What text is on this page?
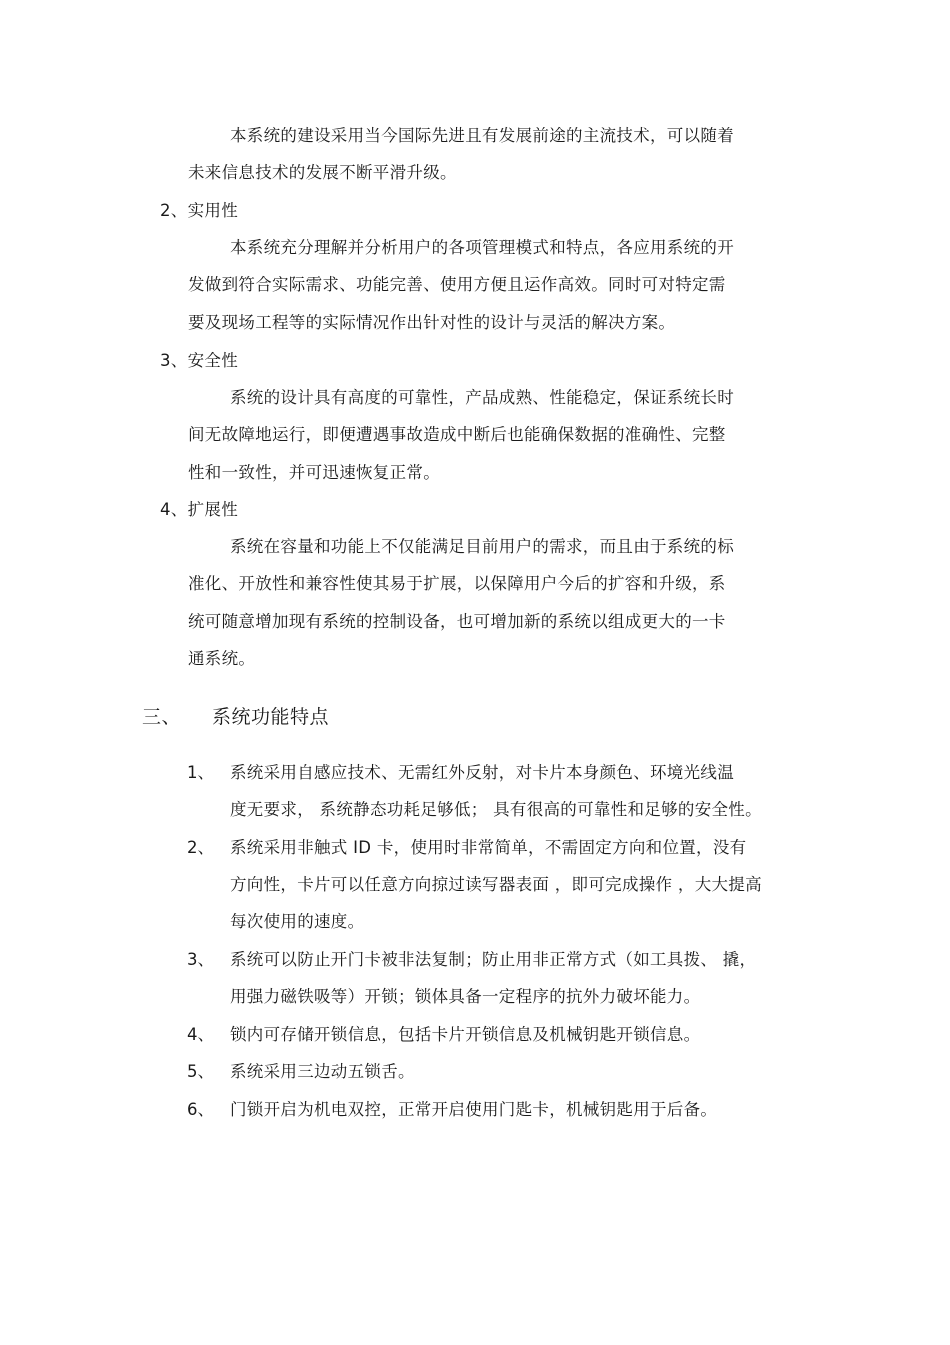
本系统的建设采用当今国际先进且有发展前途的主流技术，可以随着
未来信息技术的发展不断平滑升级。
2、实用性
本系统充分理解并分析用户的各项管理模式和特点，各应用系统的开
发做到符合实际需求、功能完善、使用方便且运作高效。同时可对特定需
要及现场工程等的实际情况作出针对性的设计与灵活的解决方案。
3、安全性
系统的设计具有高度的可靠性，产品成熟、性能稳定，保证系统长时
间无故障地运行，即便遭遇事故造成中断后也能确保数据的准确性、完整
性和一致性，并可迅速恢复正常。
4、扩展性
系统在容量和功能上不仅能满足目前用户的需求，而且由于系统的标
准化、开放性和兼容性使其易于扩展，以保障用户今后的扩容和升级，系
统可随意增加现有系统的控制设备，也可增加新的系统以组成更大的一卡
通系统。
三、 系统功能特点
1、 系统采用自感应技术、无需红外反射，对卡片本身颜色、环境光线温
度无要求， 系统静态功耗足够低； 具有很高的可靠性和足够的安全性。
2、 系统采用非触式 ID 卡，使用时非常简单，不需固定方向和位置，没有
方向性，卡片可以任意方向掠过读写器表面 ，即可完成操作 ，大大提高
每次使用的速度。
3、 系统可以防止开门卡被非法复制；防止用非正常方式（如工具拨、 撬，
用强力磁铁吸等）开锁；锁体具备一定程序的抗外力破坏能力。
4、 锁内可存储开锁信息，包括卡片开锁信息及机械钥匙开锁信息。
5、 系统采用三边动五锁舌。
6、 门锁开启为机电双控，正常开启使用门匙卡，机械钥匙用于后备。
